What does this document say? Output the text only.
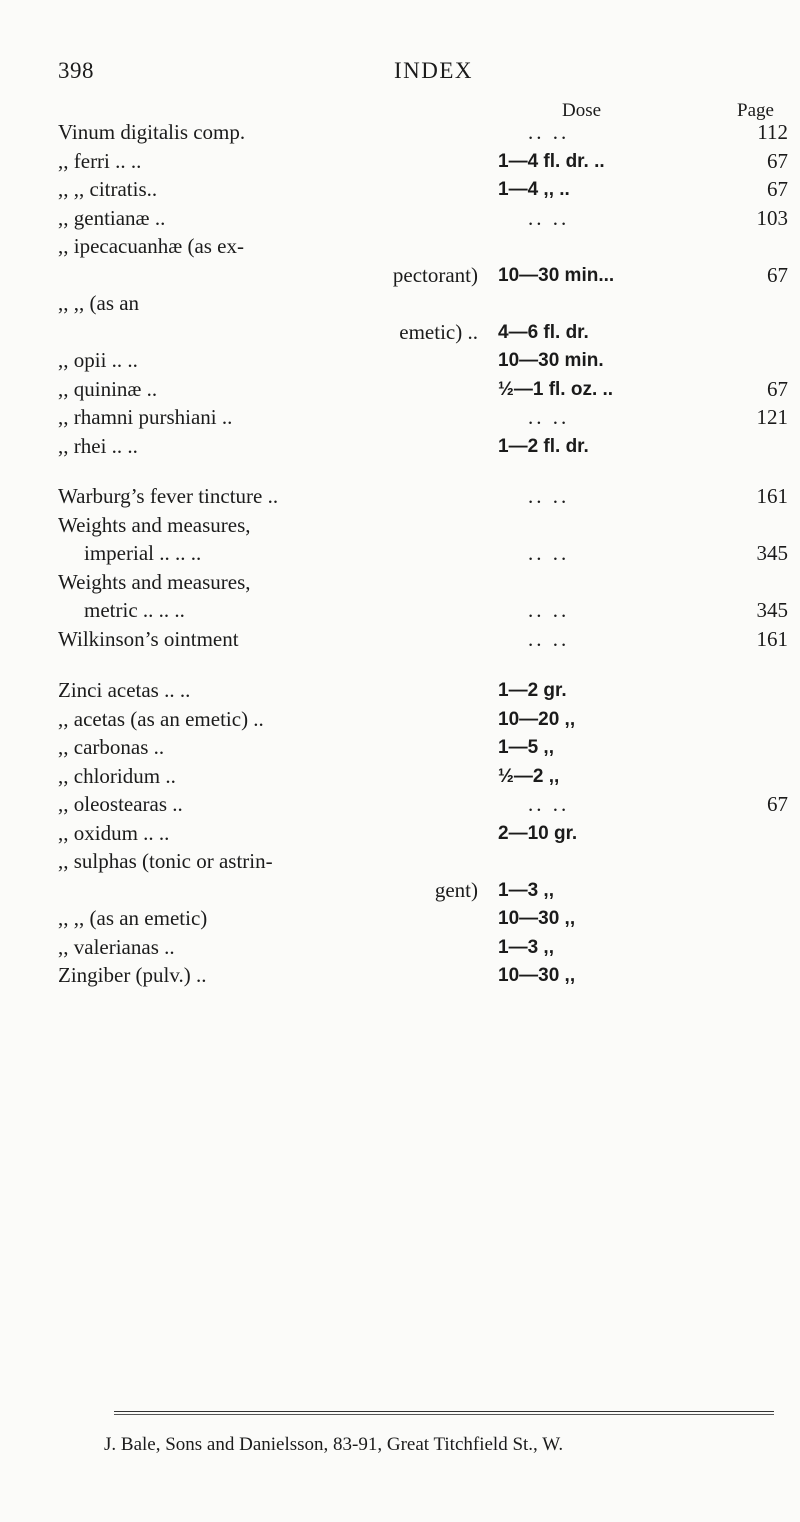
398	INDEX
Dose	Page
Vinum digitalis comp.	.. ..	112
,, ferri .. ..	1—4 fl. dr. ..	67
,, ,, citratis..	1—4 ,, ..	67
,, gentianæ ..	.. ..	103
,, ipecacuanhæ (as ex-
pectorant) 10—30 min...	67
,, ,, (as an
emetic) .. 4—6 fl. dr.
,, opii .. ..	10—30 min.
,, quininæ ..	½—1 fl. oz. ..	67
,, rhamni purshiani ..	.. ..	121
,, rhei .. ..	1—2 fl. dr.
Warburg’s fever tincture ..	.. ..	161
Weights and measures,
imperial .. .. ..	.. ..	345
Weights and measures,
metric .. .. ..	.. ..	345
Wilkinson’s ointment	.. ..	161
Zinci acetas .. ..	1—2 gr.
,, acetas (as an emetic) ..	10—20 ,,
,, carbonas ..	1—5 ,,
,, chloridum ..	½—2 ,,
,, oleostearas ..	.. ..	67
,, oxidum .. ..	2—10 gr.
,, sulphas (tonic or astrin-
gent) 1—3 ,,
,, ,, (as an emetic)	10—30 ,,
,, valerianas ..	1—3 ,,
Zingiber (pulv.) ..	10—30 ,,
J. Bale, Sons and Danielsson, 83-91, Great Titchfield St., W.
